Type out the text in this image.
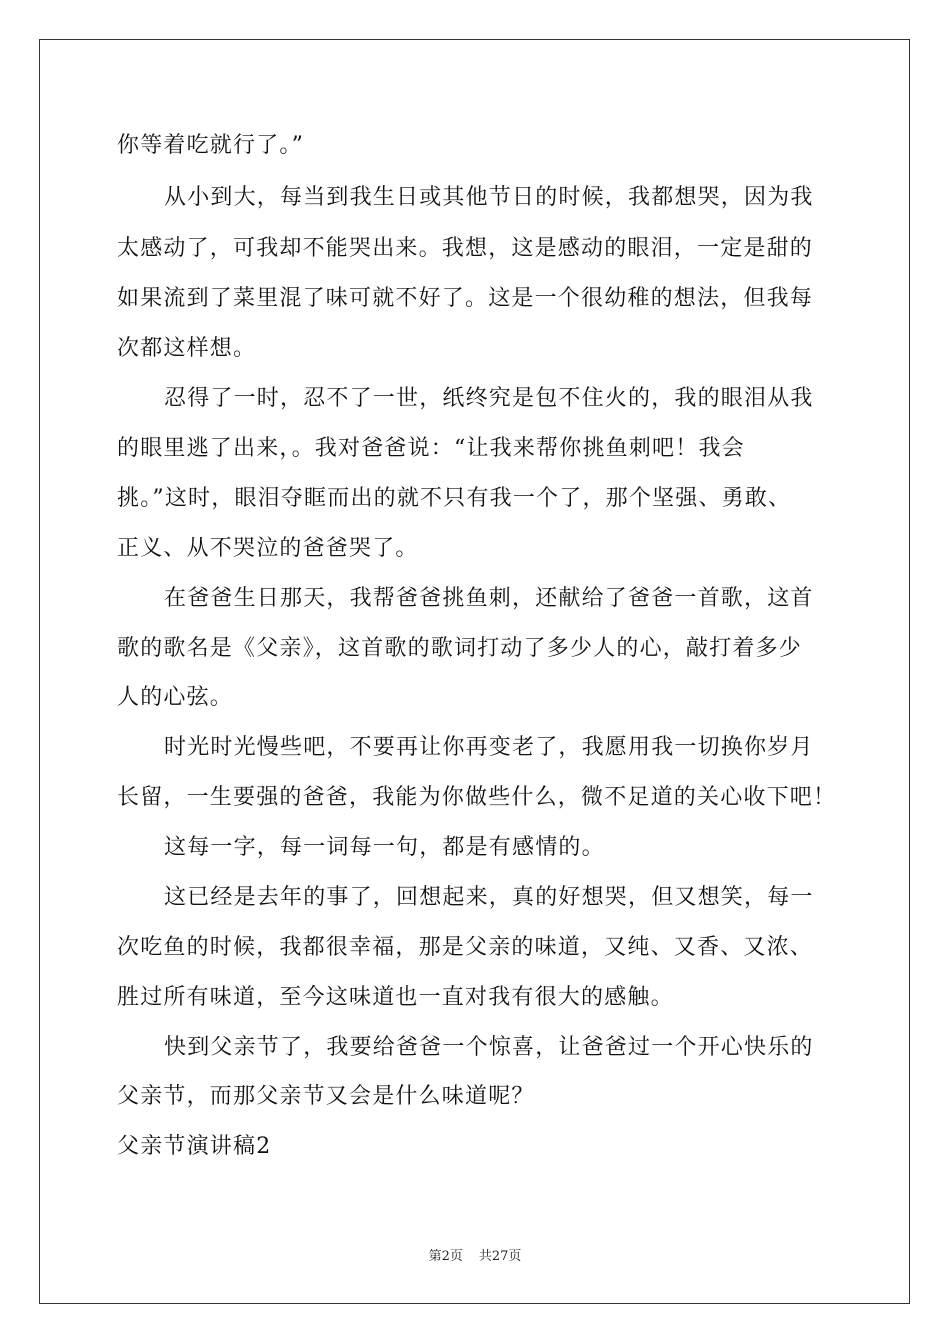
你等着吃就行了。”
从小到大，每当到我生日或其他节日的时候，我都想哭，因为我
太感动了，可我却不能哭出来。我想，这是感动的眼泪，一定是甜的
如果流到了菜里混了味可就不好了。这是一个很幼稚的想法，但我每
次都这样想。
忍得了一时，忍不了一世，纸终究是包不住火的，我的眼泪从我
的眼里逃了出来，。我对爸爸说：“让我来帮你挑鱼刺吧！我会
挑。”这时，眼泪夺眶而出的就不只有我一个了，那个坚强、勇敢、
正义、从不哭泣的爸爸哭了。
在爸爸生日那天，我帮爸爸挑鱼刺，还献给了爸爸一首歌，这首
歌的歌名是《父亲》，这首歌的歌词打动了多少人的心，敲打着多少
人的心弦。
时光时光慢些吧，不要再让你再变老了，我愿用我一切换你岁月
长留，一生要强的爸爸，我能为你做些什么，微不足道的关心收下吧！
这每一字，每一词每一句，都是有感情的。
这已经是去年的事了，回想起来，真的好想哭，但又想笑，每一
次吃鱼的时候，我都很幸福，那是父亲的味道，又纯、又香、又浓、
胜过所有味道，至今这味道也一直对我有很大的感触。
快到父亲节了，我要给爸爸一个惊喜，让爸爸过一个开心快乐的
父亲节，而那父亲节又会是什么味道呢？
父亲节演讲稿2
第2页 共27页
